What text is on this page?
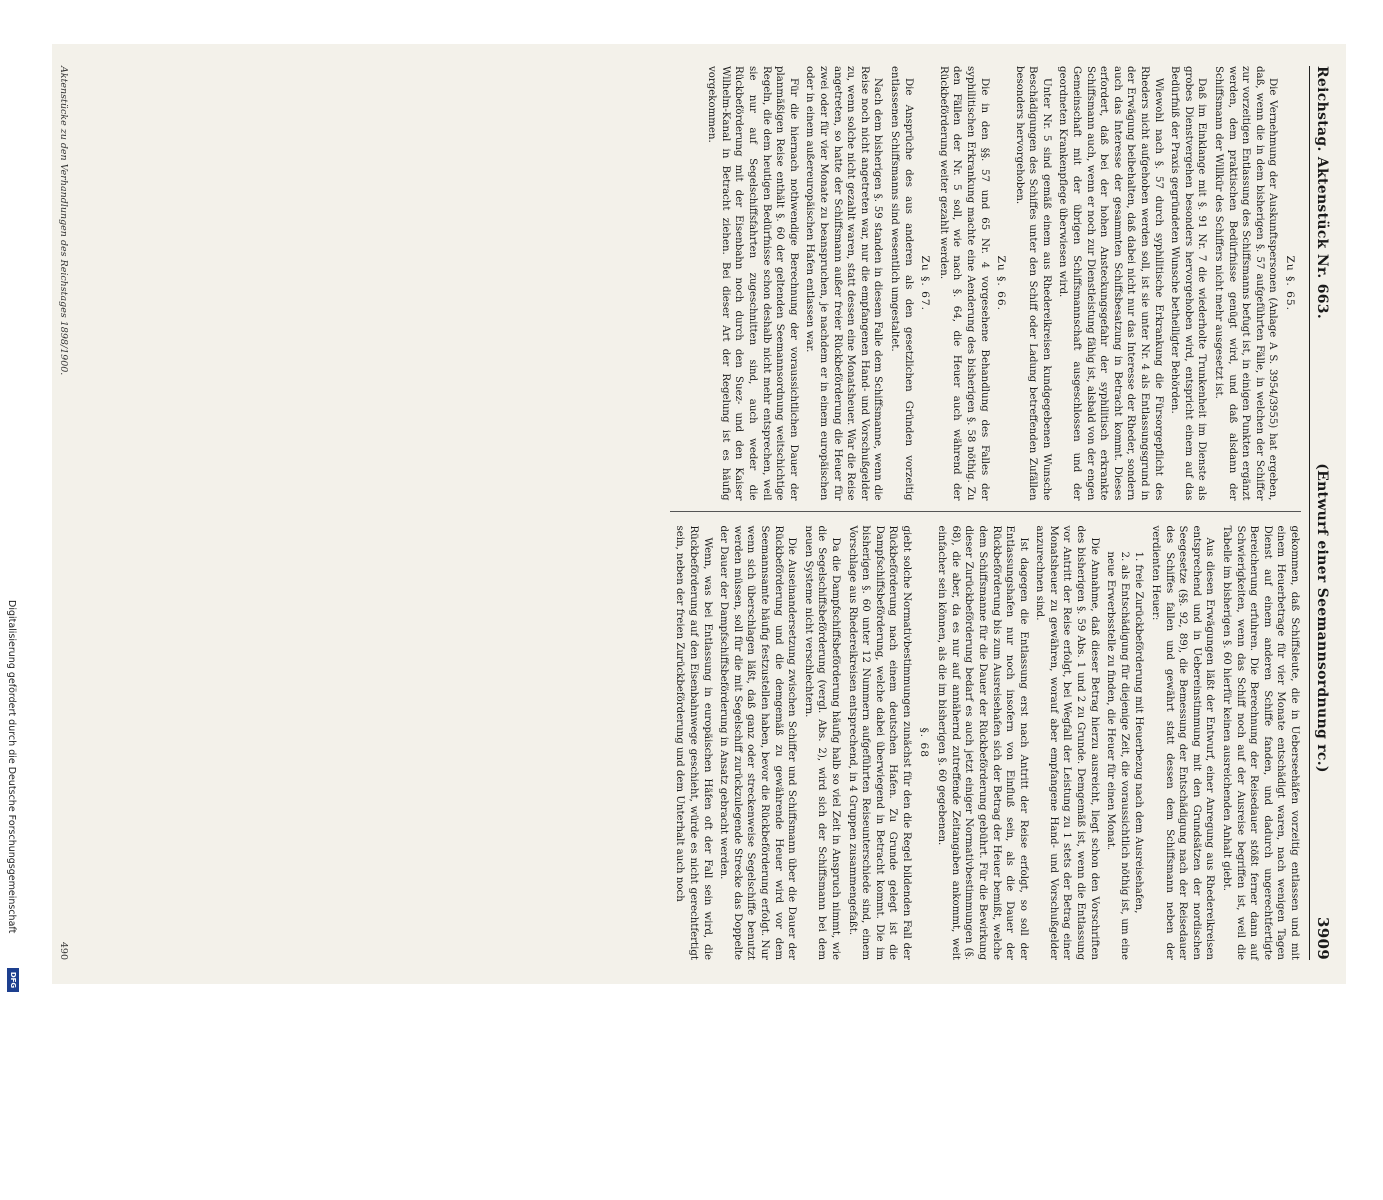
Digitalisierung gefördert durch die Deutsche Forschungsgemeinschaft
DFG
Reichstag. Aktenstück Nr. 663.
(Entwurf einer Seemannsordnung rc.)
3909
Zu §. 65.

Die Vernehmung der Auskunftspersonen (Anlage A S. 3954/3955) hat ergeben, daß, wenn die in dem bisherigen §. 57 aufgeführten Fälle, in welchen der Schiffer zur vorzeitigen Entlassung des Schiffsmanns befugt ist, in einigen Punkten ergänzt werden, dem praktischen Bedürfnisse genügt wird, und daß alsdann der Schiffsmann der Willkür des Schiffers nicht mehr ausgesetzt ist.

Daß im Einklange mit §. 91 Nr. 7 die wiederholte Trunkenheit im Dienste als grobes Dienstvergehen besonders hervorgehoben wird, entspricht einem auf das Bedürfniß der Praxis gegründeten Wunsche betheiligter Behörden.

Wiewohl nach §. 57 durch syphilitische Erkrankung die Fürsorgepflicht des Rheders nicht aufgehoben werden soll, ist sie unter Nr. 4 als Entlassungsgrund in der Erwägung beibehalten, daß dabei nicht nur das Interesse der Rheder, sondern auch das Interesse der gesammten Schiffsbesatzung in Betracht kommt. Dieses erfordert, daß bei der hohen Ansteckungsgefahr der syphilitisch erkrankte Schiffsmann auch, wenn er noch zur Dienstleistung fähig ist, alsbald von der engen Gemeinschaft mit der übrigen Schiffsmannschaft ausgeschlossen und der geordneten Krankenpflege überwiesen wird.

Unter Nr. 5 sind gemäß einem aus Rhedereikreisen kundgegebenen Wunsche Beschädigungen des Schiffes unter den Schiff oder Ladung betreffenden Zufällen besonders hervorgehoben.

Zu §. 66.

Die in den §§. 57 und 65 Nr. 4 vorgesehene Behandlung des Falles der syphilitischen Erkrankung machte eine Aenderung des bisherigen §. 58 nöthig. Zu den Fällen der Nr. 5 soll, wie nach §. 64, die Heuer auch während der Rückbeförderung weiter gezahlt werden.

Zu §. 67.

Die Ansprüche des aus anderen als den gesetzlichen Gründen vorzeitig entlassenen Schiffsmanns sind wesentlich umgestaltet.

Nach dem bisherigen §. 59 standen in diesem Falle dem Schiffsmanne, wenn die Reise noch nicht angetreten war, nur die empfangenen Hand- und Vorschußgelder zu, wenn solche nicht gezahlt waren, statt dessen eine Monatsheuer. War die Reise angetreten, so hatte der Schiffsmann außer freier Rückbeförderung die Heuer für zwei oder für vier Monate zu beanspruchen, je nachdem er in einem europäischen oder in einem außereuropäischen Hafen entlassen war.

Für die hiernach nothwendige Berechnung der voraussichtlichen Dauer der planmäßigen Reise enthält §. 60 der geltenden Seemannsordnung weitschichtige Regeln, die dem heutigen Bedürfnisse schon deshalb nicht mehr entsprechen, weil sie nur auf Segelschiffsfahrten zugeschnitten sind, auch weder die Rückbeförderung mit der Eisenbahn noch durch den Suez- und den Kaiser Wilhelm-Kanal in Betracht ziehen. Bei dieser Art der Regelung ist es häufig vorgekommen.

gekommen, daß Schiffsleute, die in Ueberseehäfen vorzeitig entlassen und mit einem Heuerbetrage für vier Monate entschädigt waren, nach wenigen Tagen Dienst auf einem anderen Schiffe fanden, und dadurch ungerechtfertigte Bereicherung erfuhren. Die Berechnung der Reisedauer stößt ferner dann auf Schwierigkeiten, wenn das Schiff noch auf der Ausreise begriffen ist, weil die Tabelle im bisherigen §. 60 hierfür keinen ausreichenden Anhalt giebt.

Aus diesen Erwägungen läßt der Entwurf, einer Anregung aus Rhedereikreisen entsprechend und in Uebereinstimmung mit den Grundsätzen der nordischen Seegesetze (§§. 92, 89), die Bemessung der Entschädigung nach der Reisedauer des Schiffes fallen und gewährt statt dessen dem Schiffsmann neben der verdienten Heuer:

1. freie Zurückbeförderung mit Heuerbezug nach dem Ausreisehafen,
2. als Entschädigung für diejenige Zeit, die voraussichtlich nöthig ist, um eine neue Erwerbsstelle zu finden, die Heuer für einen Monat.

Die Annahme, daß dieser Betrag hierzu ausreicht, liegt schon den Vorschriften des bisherigen §. 59 Abs. 1 und 2 zu Grunde. Demgemäß ist, wenn die Entlassung vor Antritt der Reise erfolgt, bei Wegfall der Leistung zu 1 stets der Betrag einer Monatsheuer zu gewähren, worauf aber empfangene Hand- und Vorschußgelder anzurechnen sind.

Ist dagegen die Entlassung erst nach Antritt der Reise erfolgt, so soll der Entlassungshafen nur noch insofern von Einfluß sein, als die Dauer der Rückbeförderung bis zum Ausreisehafen sich der Betrag der Heuer bemißt, welche dem Schiffsmanne für die Dauer der Rückbeförderung gebührt. Für die Bewirkung dieser Zurückbeförderung bedarf es auch jetzt einiger Normativbestimmungen (§. 68), die aber, da es nur auf annähernd zutreffende Zeitangaben ankommt, weit einfacher sein können, als die im bisherigen §. 60 gegebenen.

§. 68

giebt solche Normativbestimmungen zunächst für den die Regel bildenden Fall der Rückbeförderung nach einem deutschen Hafen. Zu Grunde gelegt ist die Dampfschiffsbeförderung, welche dabei überwiegend in Betracht kommt. Die im bisherigen §. 60 unter 12 Nummern aufgeführten Reiseunterschiede sind, einem Vorschlage aus Rhedereikreisen entsprechend, in 4 Gruppen zusammengefaßt.

Da die Dampfschiffsbeförderung häufig halb so viel Zeit in Anspruch nimmt, wie die Segelschiffsbeförderung (vergl. Abs. 2), wird sich der Schiffsmann bei dem neuen Systeme nicht verschlechtern.

Die Auseinandersetzung zwischen Schiffer und Schiffsmann über die Dauer der Rückbeförderung und die demgemäß zu gewährende Heuer wird vor dem Seemannsamte häufig festzustellen haben, bevor die Rückbeförderung erfolgt. Nur wenn sich überschlagen läßt, daß ganz oder streckenweise Segelschiffe benutzt werden müssen, soll für die mit Segelschiff zurückzulegende Strecke das Doppelte der Dauer der Dampfschiffsbeförderung in Ansatz gebracht werden.

Wenn, was bei Entlassung in europäischen Häfen oft der Fall sein wird, die Rückbeförderung auf den Eisenbahnwege geschieht, würde es nicht gerechtfertigt sein, neben der freien Zurückbeförderung und dem Unterhalt auch noch

Aktenstücke zu den Verhandlungen des Reichstages 1898/1900.
490
